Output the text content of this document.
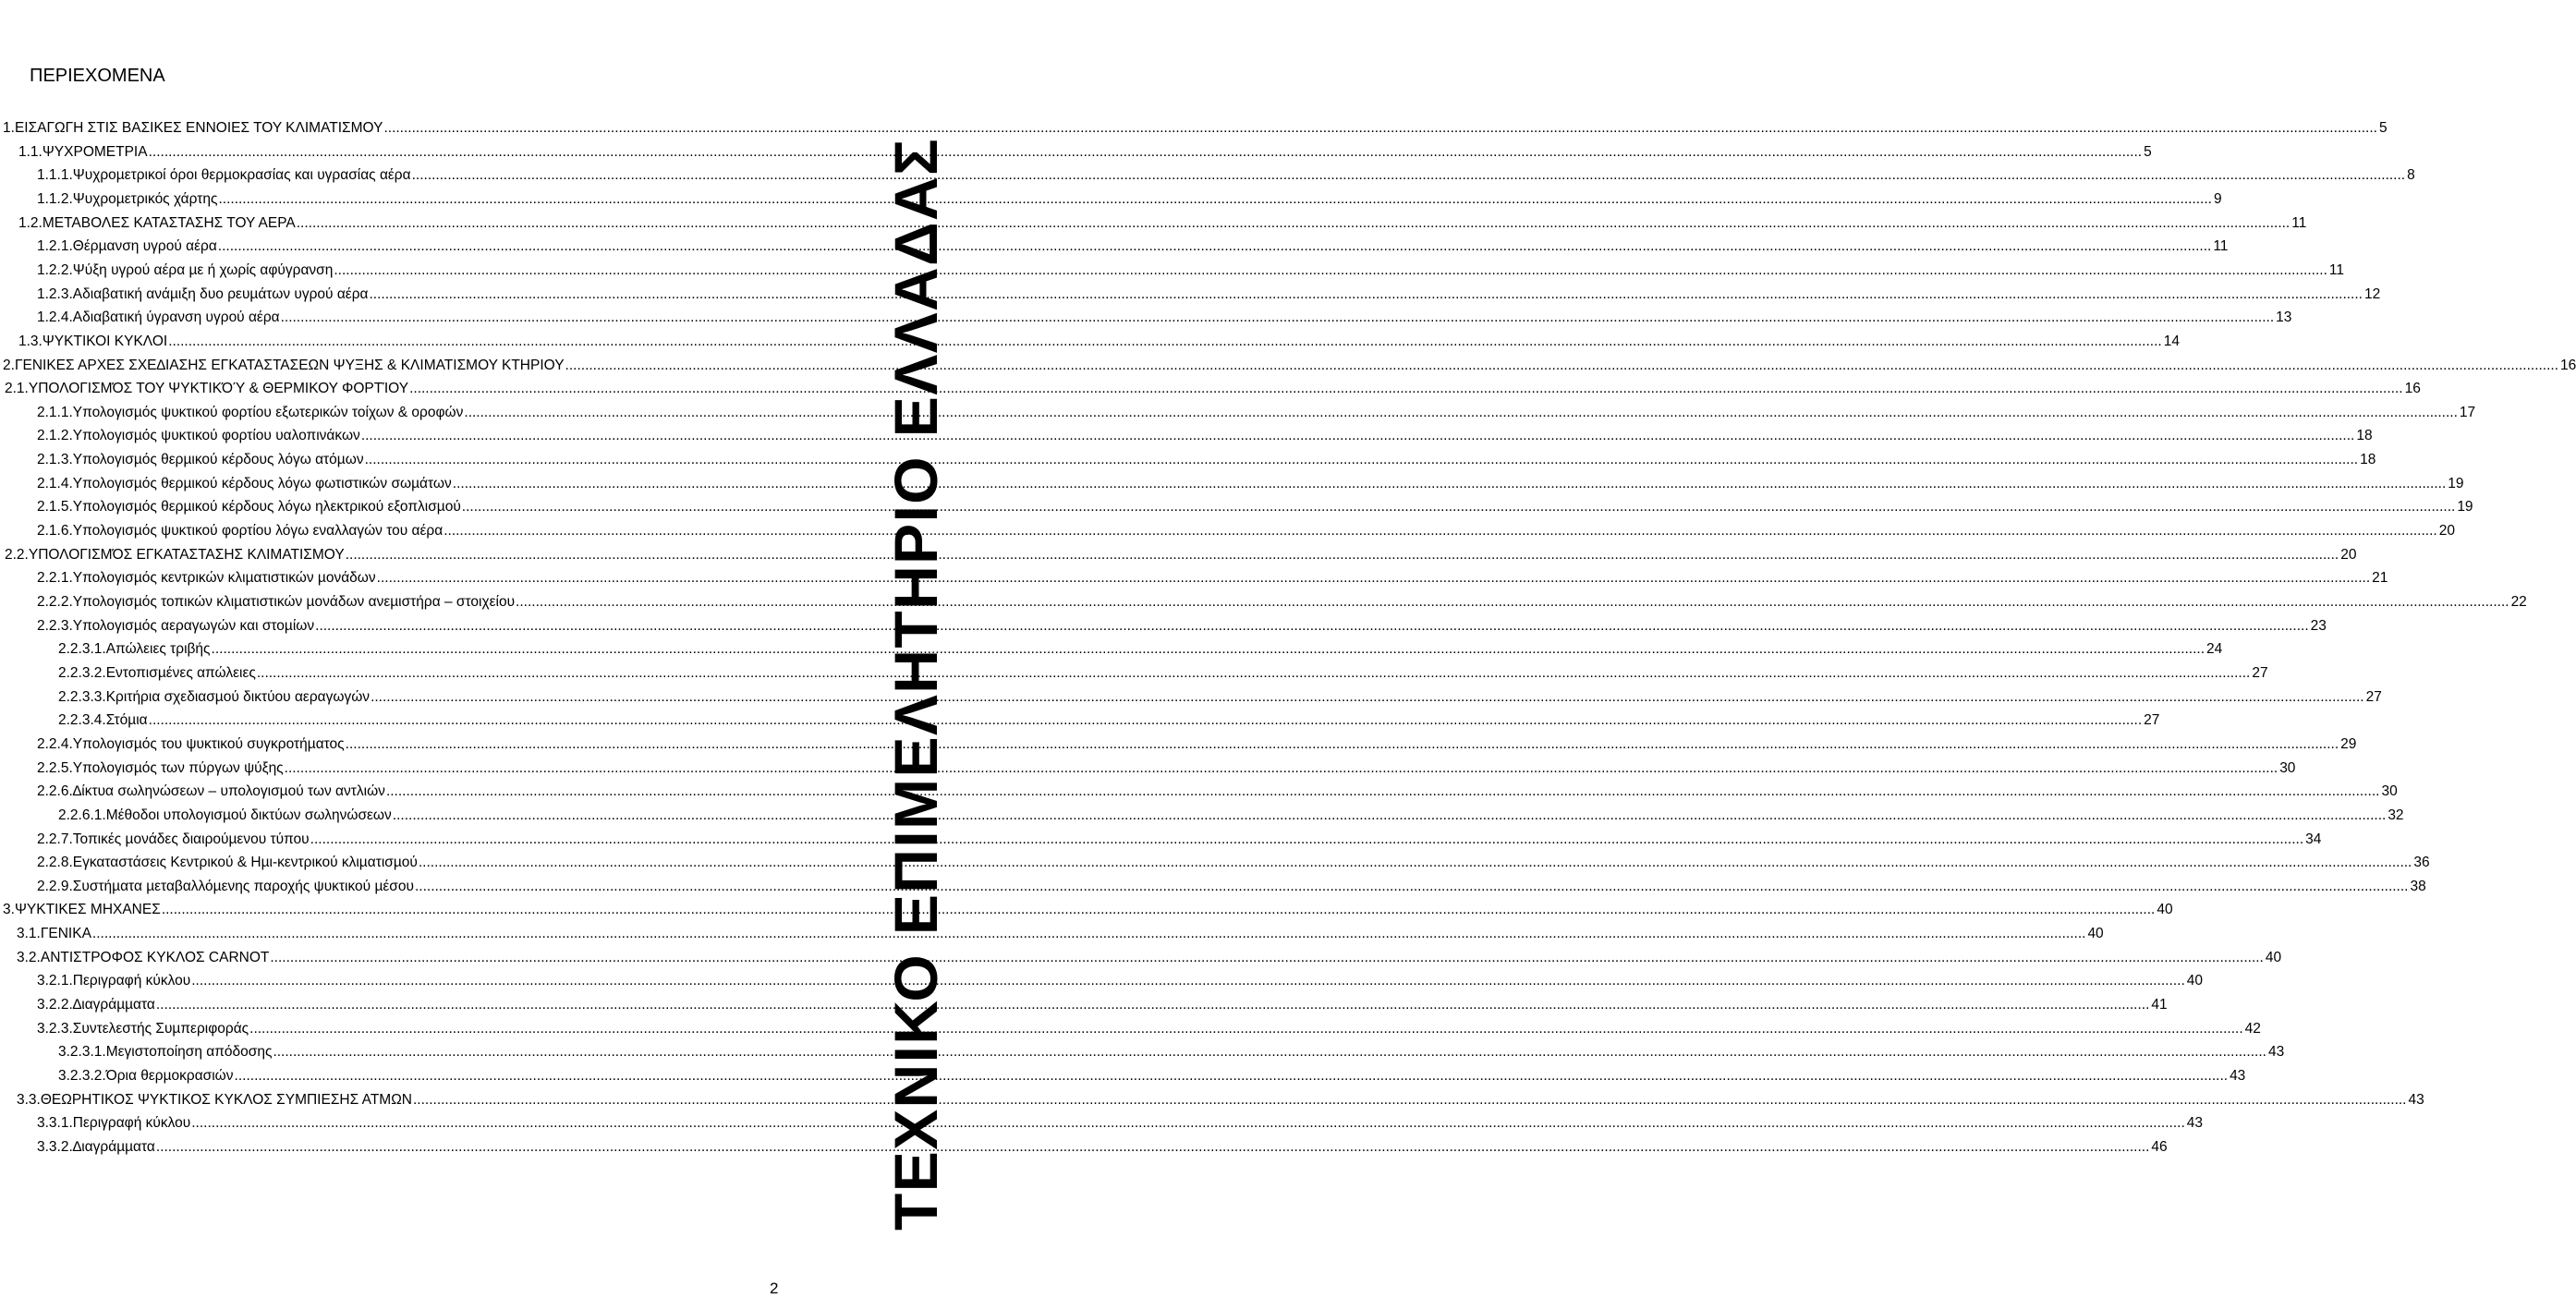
ΠΕΡΙΕΧΟΜΕΝΑ
1. ΕΙΣΑΓΩΓΗ ΣΤΙΣ ΒΑΣΙΚΕΣ ΕΝΝΟΙΕΣ ΤΟΥ ΚΛΙΜΑΤΙΣΜΟΥ .....	5
1.1. ΨΥΧΡΟΜΕΤΡΙΑ .....	5
1.1.1. Ψυχροµετρικοί όροι θερµοκρασίας και υγρασίας αέρα .....	8
1.1.2. Ψυχροµετρικός χάρτης .....	9
1.2. ΜΕΤΑΒΟΛΕΣ ΚΑΤΑΣΤΑΣΗΣ ΤΟΥ ΑΕΡΑ .....	11
1.2.1. Θέρµανση υγρού αέρα .....	11
1.2.2. Ψύξη υγρού αέρα µε ή χωρίς αφύγρανση .....	11
1.2.3. Αδιαβατική ανάµιξη δυο ρευµάτων υγρού αέρα .....	12
1.2.4. Αδιαβατική ύγρανση υγρού αέρα .....	13
1.3. ΨΥΚΤΙΚΟΙ ΚΥΚΛΟΙ .....	14
2. ΓΕΝΙΚΕΣ ΑΡΧΕΣ ΣΧΕ∆ΙΑΣΗΣ ΕΓΚΑΤΑΣΤΑΣΕΩΝ ΨΥΞΗΣ & ΚΛΙΜΑΤΙΣΜΟΥ ΚΤΗΡΙΟΥ .....	16
2.1. ΥΠΟΛΟΓΙΣΜΌΣ ΤΟΥ ΨΥΚΤΙΚΌΎ & ΘΕΡΜΙΚΟΥ ΦΟΡΤΊΟΥ .....	16
2.1.1. Υπολογισµός ψυκτικού φορτίου εξωτερικών τοίχων & οροφών .....	17
2.1.2. Υπολογισµός ψυκτικού φορτίου υαλοπινάκων .....	18
2.1.3. Υπολογισµός θερµικού κέρδους λόγω ατόµων .....	18
2.1.4. Υπολογισµός θερµικού κέρδους λόγω φωτιστικών σωµάτων .....	19
2.1.5. Υπολογισµός θερµικού κέρδους λόγω ηλεκτρικού εξοπλισµού .....	19
2.1.6. Υπολογισµός ψυκτικού φορτίου λόγω εναλλαγών του αέρα .....	20
2.2. ΥΠΟΛΟΓΙΣΜΌΣ ΕΓΚΑΤΑΣΤΑΣΗΣ ΚΛΙΜΑΤΙΣΜΟΥ .....	20
2.2.1. Υπολογισµός κεντρικών κλιµατιστικών µονάδων .....	21
2.2.2. Υπολογισµός τοπικών κλιµατιστικών µονάδων ανεµιστήρα – στοιχείου .....	22
2.2.3. Υπολογισµός αεραγωγών και στοµίων .....	23
2.2.3.1. Απώλειες τριβής .....	24
2.2.3.2. Εντοπισµένες απώλειες .....	27
2.2.3.3. Κριτήρια σχεδιασµού δικτύου αεραγωγών .....	27
2.2.3.4. Στόµια .....	27
2.2.4. Υπολογισµός του ψυκτικού συγκροτήµατος .....	29
2.2.5. Υπολογισµός των πύργων ψύξης .....	30
2.2.6. ∆ίκτυα σωληνώσεων – υπολογισµού των αντλιών .....	30
2.2.6.1. Μέθοδοι υπολογισµού δικτύων σωληνώσεων .....	32
2.2.7. Τοπικές µονάδες διαιρούµενου τύπου .....	34
2.2.8. Εγκαταστάσεις Κεντρικού & Ηµι-κεντρικού κλιµατισµού .....	36
2.2.9. Συστήµατα µεταβαλλόµενης παροχής ψυκτικού µέσου .....	38
3. ΨΥΚΤΙΚΕΣ ΜΗΧΑΝΕΣ .....	40
3.1. ΓΕΝΙΚΑ .....	40
3.2. ΑΝΤΙΣΤΡΟΦΟΣ ΚΥΚΛΟΣ CARNOT .....	40
3.2.1. Περιγραφή κύκλου .....	40
3.2.2. ∆ιαγράµµατα .....	41
3.2.3. Συντελεστής Συµπεριφοράς .....	42
3.2.3.1. Μεγιστοποίηση απόδοσης .....	43
3.2.3.2. Όρια θερµοκρασιών .....	43
3.3. ΘΕΩΡΗΤΙΚΟΣ ΨΥΚΤΙΚΟΣ ΚΥΚΛΟΣ ΣΥΜΠΙΕΣΗΣ ΑΤΜΩΝ .....	43
3.3.1. Περιγραφή κύκλου .....	43
3.3.2. ∆ιαγράµµατα .....	46
ΤΕΧΝΙΚΟ ΕΠΙΜΕΛΗΤΗΡΙΟ ΕΛΛΑΔΑΣ
2
